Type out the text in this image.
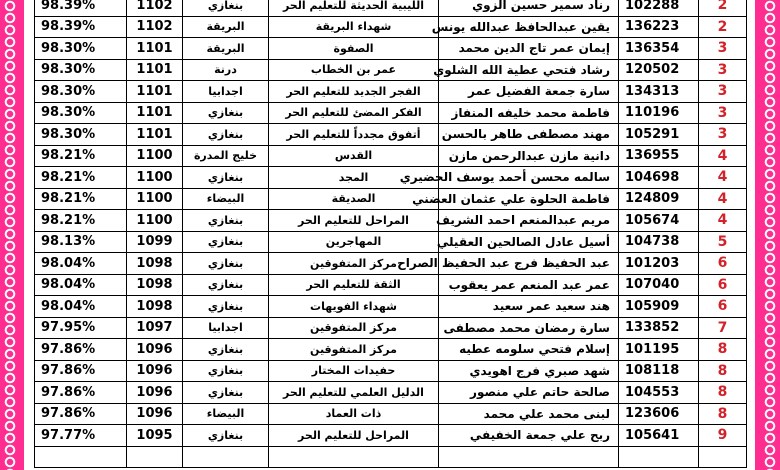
98.39%	1102	بنغازي	الليبية الحديثة للتعليم الحر	رناد سمير حسين الزوي	102288	2
98.39%	1102	البريقة	شهداء البريقة	يقين عبدالحافظ عبدالله يونس	136223	2
98.30%	1101	البريقة	الصفوة	إيمان عمر تاج الدين محمد	136354	3
98.30%	1101	درنة	عمر بن الخطاب	رشاد فتحي عطية الله الشلوي	120502	3
98.30%	1101	اجدابيا	الفجر الجديد للتعليم الحر	سارة جمعة الفضيل عمر	134313	3
98.30%	1101	بنغازي	الفكر المضئ للتعليم الحر	فاطمة محمد خليفه المنفاز	110196	3
98.30%	1101	بنغازي	أتفوق مجدداً للتعليم الحر	مهند مصطفى طاهر بالحسن	105291	3
98.21%	1100	خليج المدرة	القدس	دانية مازن عبدالرحمن مازن	136955	4
98.21%	1100	بنغازي	المجد	سالمه محسن أحمد يوسف الحضيري	104698	4
98.21%	1100	البيضاء	الصديقة	فاطمة الحلوة علي عثمان العضني	124809	4
98.21%	1100	بنغازي	المراحل للتعليم الحر	مريم عبدالمنعم احمد الشريف	105674	4
98.13%	1099	بنغازي	المهاجرين	أسيل عادل الصالحين العقيلي	104738	5
98.04%	1098	بنغازي	مركز المتفوقين	عبد الحفيظ فرج عبد الحفيظ الصراح	101203	6
98.04%	1098	بنغازي	الثقة للتعليم الحر	عمر عبد المنعم عمر يعقوب	107040	6
98.04%	1098	بنغازي	شهداء الفويهات	هند سعيد عمر سعيد	105909	6
97.95%	1097	اجدابيا	مركز المتفوقين	سارة رمضان محمد مصطفى	133852	7
97.86%	1096	بنغازي	مركز المتفوقين	إسلام فتحي سلومه عطيه	101195	8
97.86%	1096	بنغازي	حفيدات المختار	شهد صبري فرج اهويدي	108118	8
97.86%	1096	بنغازي	الدليل العلمي للتعليم الحر	صالحة حاتم علي منصور	104553	8
97.86%	1096	البيضاء	ذات العماد	لبنى محمد علي محمد	123606	8
97.77%	1095	بنغازي	المراحل للتعليم الحر	ربح علي جمعة الخفيفي	105641	9
